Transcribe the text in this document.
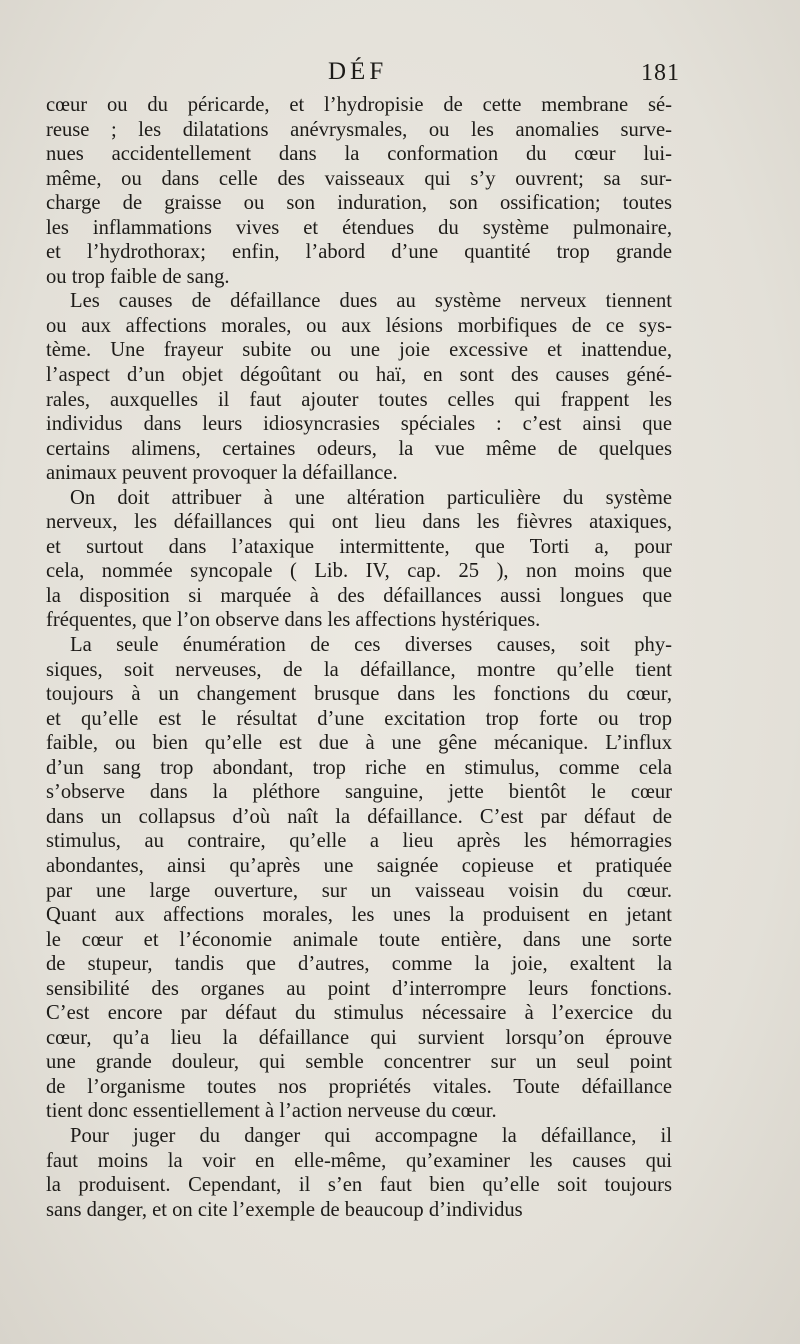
DÉF	181
cœur ou du péricarde, et l’hydropisie de cette membrane sé-
reuse ; les dilatations anévrysmales, ou les anomalies surve-
nues accidentellement dans la conformation du cœur lui-
même, ou dans celle des vaisseaux qui s’y ouvrent; sa sur-
charge de graisse ou son induration, son ossification; toutes
les inflammations vives et étendues du système pulmonaire,
et l’hydrothorax; enfin, l’abord d’une quantité trop grande
ou trop faible de sang.
Les causes de défaillance dues au système nerveux tiennent
ou aux affections morales, ou aux lésions morbifiques de ce sys-
tème. Une frayeur subite ou une joie excessive et inattendue,
l’aspect d’un objet dégoûtant ou haï, en sont des causes géné-
rales, auxquelles il faut ajouter toutes celles qui frappent les
individus dans leurs idiosyncrasies spéciales : c’est ainsi que
certains alimens, certaines odeurs, la vue même de quelques
animaux peuvent provoquer la défaillance.
On doit attribuer à une altération particulière du système
nerveux, les défaillances qui ont lieu dans les fièvres ataxiques,
et surtout dans l’ataxique intermittente, que Torti a, pour
cela, nommée syncopale ( Lib. IV, cap. 25 ), non moins que
la disposition si marquée à des défaillances aussi longues que
fréquentes, que l’on observe dans les affections hystériques.
La seule énumération de ces diverses causes, soit phy-
siques, soit nerveuses, de la défaillance, montre qu’elle tient
toujours à un changement brusque dans les fonctions du cœur,
et qu’elle est le résultat d’une excitation trop forte ou trop
faible, ou bien qu’elle est due à une gêne mécanique. L’influx
d’un sang trop abondant, trop riche en stimulus, comme cela
s’observe dans la pléthore sanguine, jette bientôt le cœur
dans un collapsus d’où naît la défaillance. C’est par défaut de
stimulus, au contraire, qu’elle a lieu après les hémorragies
abondantes, ainsi qu’après une saignée copieuse et pratiquée
par une large ouverture, sur un vaisseau voisin du cœur.
Quant aux affections morales, les unes la produisent en jetant
le cœur et l’économie animale toute entière, dans une sorte
de stupeur, tandis que d’autres, comme la joie, exaltent la
sensibilité des organes au point d’interrompre leurs fonctions.
C’est encore par défaut du stimulus nécessaire à l’exercice du
cœur, qu’a lieu la défaillance qui survient lorsqu’on éprouve
une grande douleur, qui semble concentrer sur un seul point
de l’organisme toutes nos propriétés vitales. Toute défaillance
tient donc essentiellement à l’action nerveuse du cœur.
Pour juger du danger qui accompagne la défaillance, il
faut moins la voir en elle-même, qu’examiner les causes qui
la produisent. Cependant, il s’en faut bien qu’elle soit toujours
sans danger, et on cite l’exemple de beaucoup d’individus
